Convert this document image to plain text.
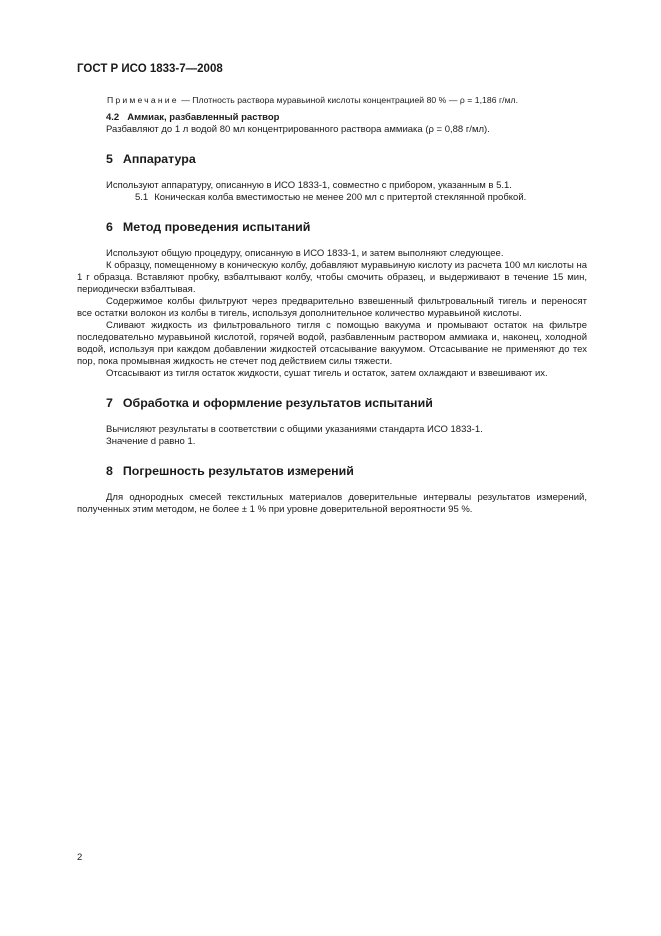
ГОСТ Р ИСО 1833-7—2008
Примечание — Плотность раствора муравьиной кислоты концентрацией 80 % — ρ = 1,186 г/мл.
4.2 Аммиак, разбавленный раствор

Разбавляют до 1 л водой 80 мл концентрированного раствора аммиака (ρ = 0,88 г/мл).

5 Аппаратура

Используют аппаратуру, описанную в ИСО 1833-1, совместно с прибором, указанным в 5.1.

5.1 Коническая колба вместимостью не менее 200 мл с притертой стеклянной пробкой.

6 Метод проведения испытаний

Используют общую процедуру, описанную в ИСО 1833-1, и затем выполняют следующее.

К образцу, помещенному в коническую колбу, добавляют муравьиную кислоту из расчета 100 мл кислоты на 1 г образца. Вставляют пробку, взбалтывают колбу, чтобы смочить образец, и выдерживают в течение 15 мин, периодически взбалтывая.

Содержимое колбы фильтруют через предварительно взвешенный фильтровальный тигель и переносят все остатки волокон из колбы в тигель, используя дополнительное количество муравьиной кислоты.

Сливают жидкость из фильтровального тигля с помощью вакуума и промывают остаток на фильтре последовательно муравьиной кислотой, горячей водой, разбавленным раствором аммиака и, наконец, холодной водой, используя при каждом добавлении жидкостей отсасывание вакуумом. Отсасывание не применяют до тех пор, пока промывная жидкость не стечет под действием силы тяжести.

Отсасывают из тигля остаток жидкости, сушат тигель и остаток, затем охлаждают и взвешивают их.

7 Обработка и оформление результатов испытаний

Вычисляют результаты в соответствии с общими указаниями стандарта ИСО 1833-1.

Значение d равно 1.

8 Погрешность результатов измерений

Для однородных смесей текстильных материалов доверительные интервалы результатов измерений, полученных этим методом, не более ± 1 % при уровне доверительной вероятности 95 %.

2
